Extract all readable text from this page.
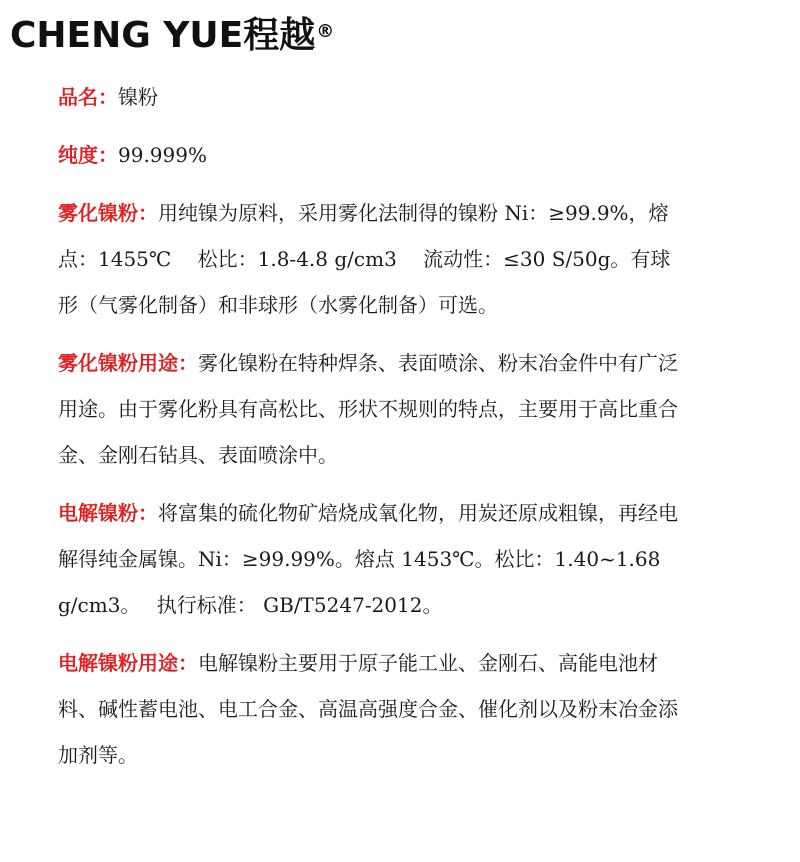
CHENG YUE程越®

品名：镍粉

纯度：99.999%

雾化镍粉：用纯镍为原料，采用雾化法制得的镍粉 Ni：≥99.9%，熔点：1455℃　 松比：1.8-4.8 g/cm3　 流动性：≤30 S/50g。有球形（气雾化制备）和非球形（水雾化制备）可选。

雾化镍粉用途：雾化镍粉在特种焊条、表面喷涂、粉末冶金件中有广泛用途。由于雾化粉具有高松比、形状不规则的特点，主要用于高比重合金、金刚石钻具、表面喷涂中。

电解镍粉：将富集的硫化物矿焙烧成氧化物，用炭还原成粗镍，再经电解得纯金属镍。Ni：≥99.99%。熔点 1453℃。松比：1.40~1.68 g/cm3。　 执行标准： GB/T5247-2012。

电解镍粉用途：电解镍粉主要用于原子能工业、金刚石、高能电池材料、碱性蓄电池、电工合金、高温高强度合金、催化剂以及粉末冶金添加剂等。
